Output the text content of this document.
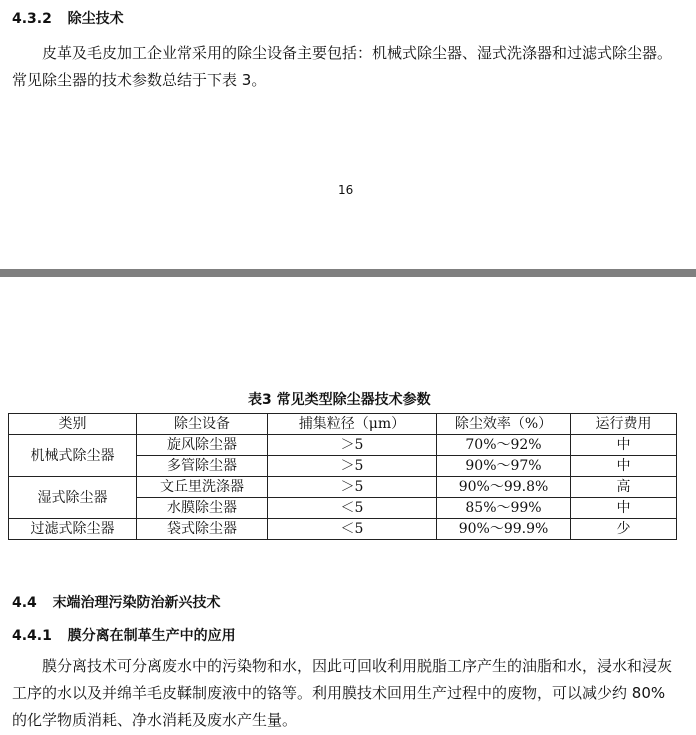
4.3.2 除尘技术
皮革及毛皮加工企业常采用的除尘设备主要包括：机械式除尘器、湿式洗涤器和过滤式除尘器。常见除尘器的技术参数总结于下表 3。
16
表3 常见类型除尘器技术参数
类别	除尘设备	捕集粒径（μm）	除尘效率（%）	运行费用
机械式除尘器	旋风除尘器	＞5	70%～92%	中
	多管除尘器	＞5	90%～97%	中
湿式除尘器	文丘里洗涤器	＞5	90%～99.8%	高
	水膜除尘器	＜5	85%～99%	中
过滤式除尘器	袋式除尘器	＜5	90%～99.9%	少
4.4 末端治理污染防治新兴技术
4.4.1 膜分离在制革生产中的应用
膜分离技术可分离废水中的污染物和水，因此可回收利用脱脂工序产生的油脂和水，浸水和浸灰工序的水以及并绵羊毛皮鞣制废液中的铬等。利用膜技术回用生产过程中的废物，可以减少约 80%的化学物质消耗、净水消耗及废水产生量。
